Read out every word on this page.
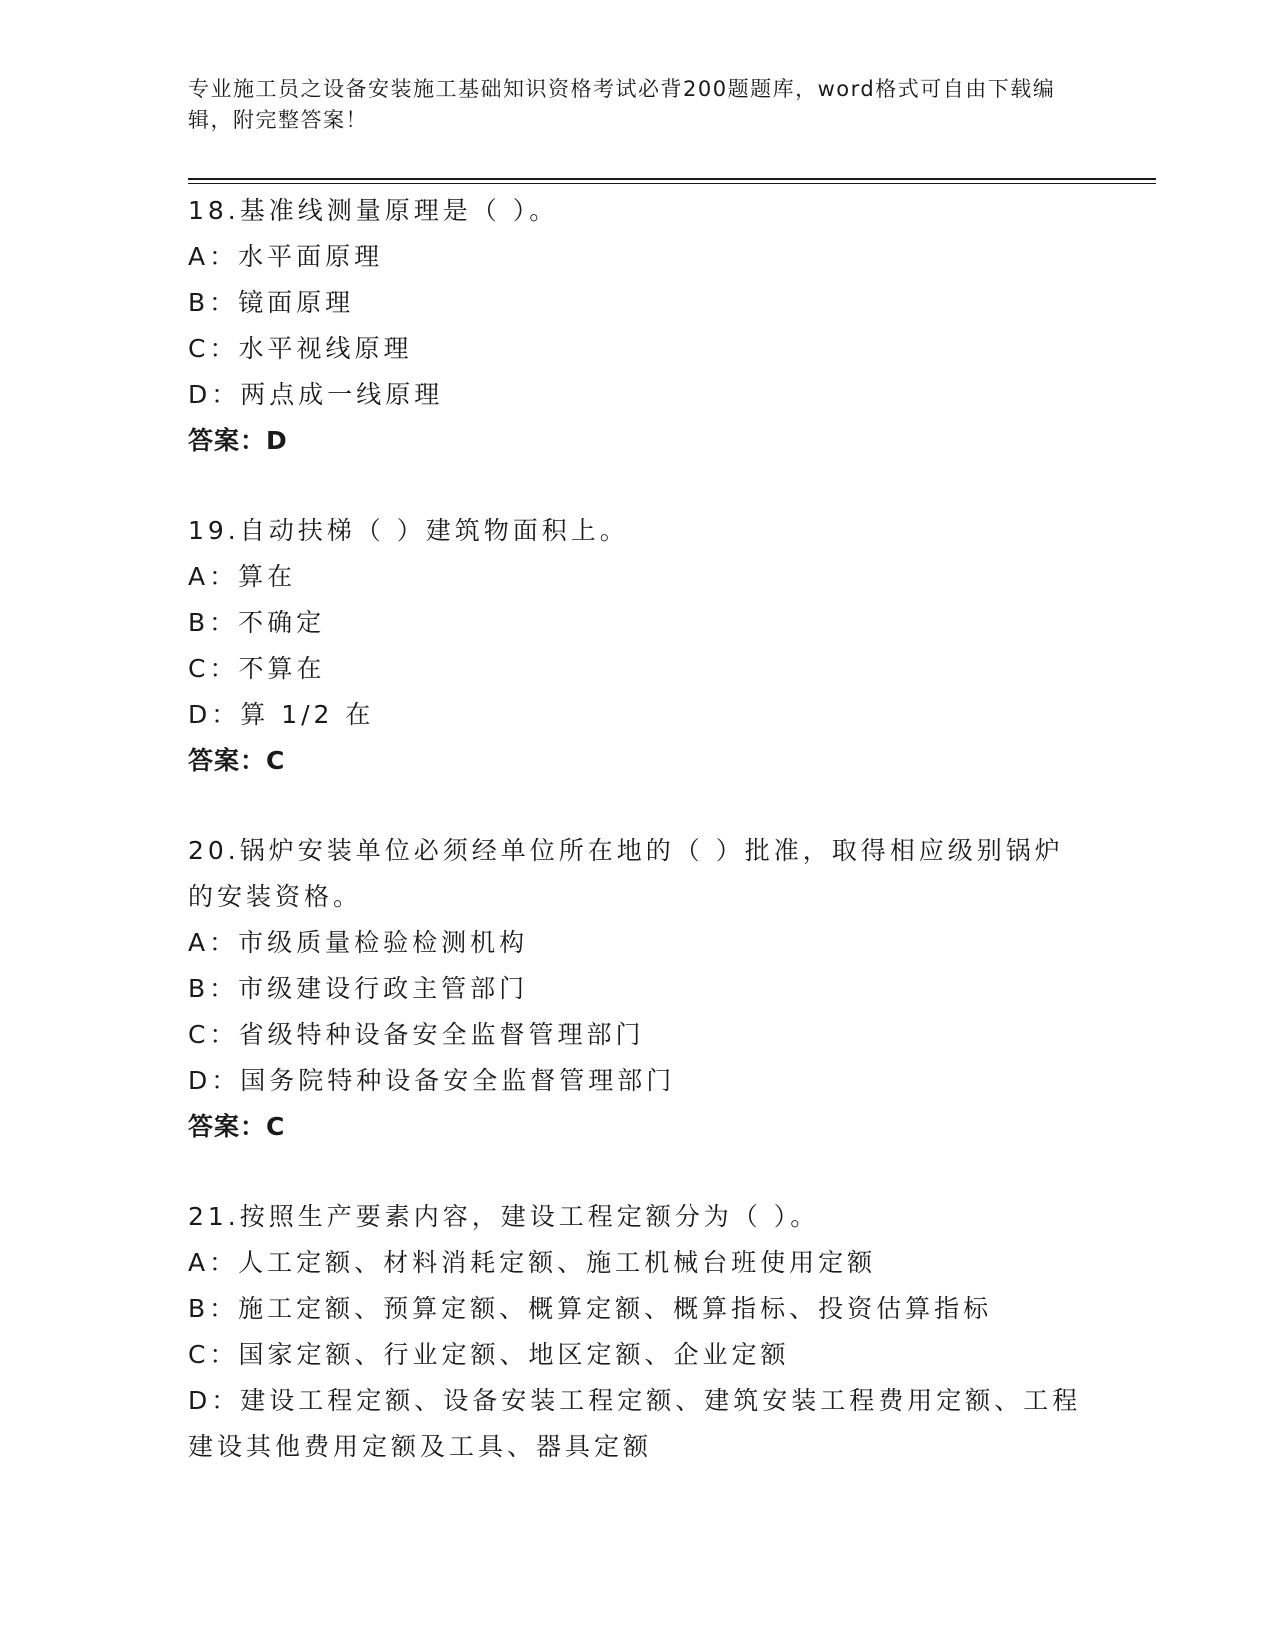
专业施工员之设备安装施工基础知识资格考试必背200题题库，word格式可自由下载编辑，附完整答案！
18.基准线测量原理是（ ）。
A：水平面原理
B：镜面原理
C：水平视线原理
D：两点成一线原理
答案：D
19.自动扶梯（ ）建筑物面积上。
A：算在
B：不确定
C：不算在
D：算 1/2 在
答案：C
20.锅炉安装单位必须经单位所在地的（ ）批准，取得相应级别锅炉的安装资格。
A：市级质量检验检测机构
B：市级建设行政主管部门
C：省级特种设备安全监督管理部门
D：国务院特种设备安全监督管理部门
答案：C
21.按照生产要素内容，建设工程定额分为（ ）。
A：人工定额、材料消耗定额、施工机械台班使用定额
B：施工定额、预算定额、概算定额、概算指标、投资估算指标
C：国家定额、行业定额、地区定额、企业定额
D：建设工程定额、设备安装工程定额、建筑安装工程费用定额、工程建设其他费用定额及工具、器具定额
